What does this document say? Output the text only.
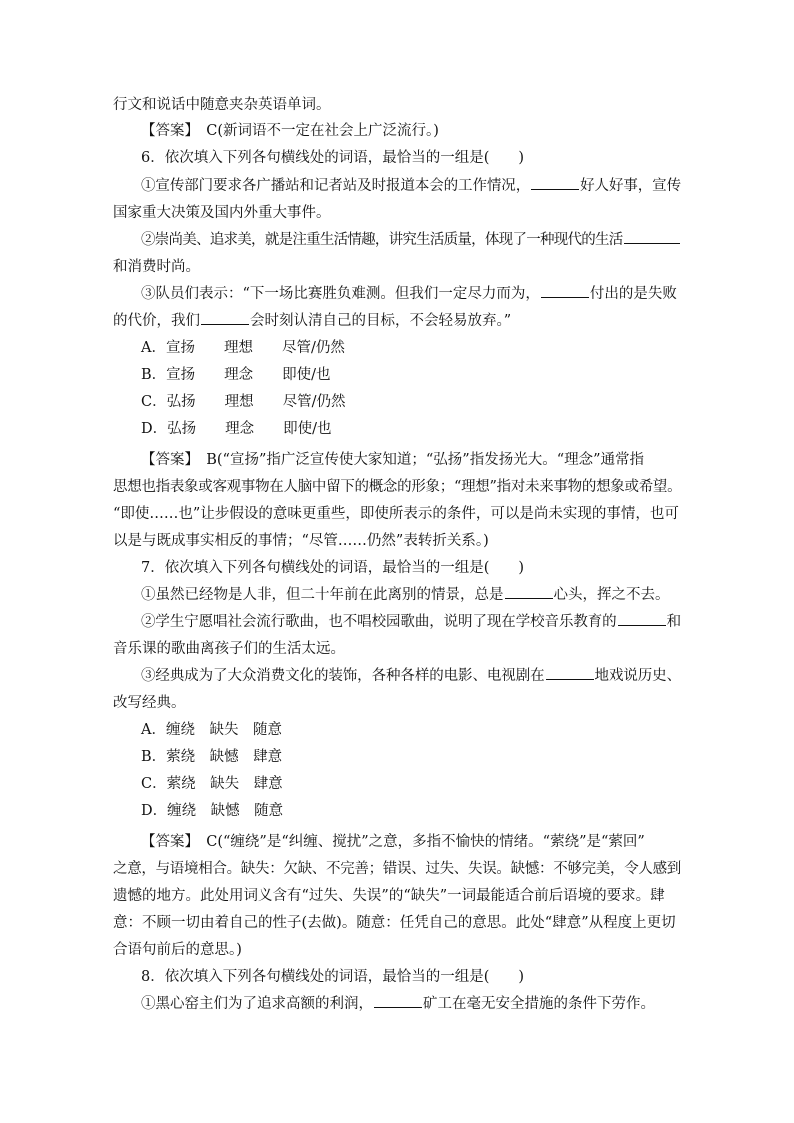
行文和说话中随意夹杂英语单词。
【答案】　C(新词语不一定在社会上广泛流行。)
6．依次填入下列各句横线处的词语，最恰当的一组是(　　)
①宣传部门要求各广播站和记者站及时报道本会的工作情况，	好人好事，宣传
国家重大决策及国内外重大事件。
②崇尚美、追求美，就是注重生活情趣，讲究生活质量，体现了一种现代的生活
和消费时尚。
③队员们表示：“下一场比赛胜负难测。但我们一定尽力而为，	付出的是失败
的代价，我们	会时刻认清自己的目标，不会轻易放弃。”
A．宣扬　　理想　　尽管/仍然
B．宣扬　　理念　　即使/也
C．弘扬　　理想　　尽管/仍然
D．弘扬　　理念　　即使/也
【答案】　B(“宣扬”指广泛宣传使大家知道；“弘扬”指发扬光大。“理念”通常指
思想也指表象或客观事物在人脑中留下的概念的形象；“理想”指对未来事物的想象或希望。
“即使……也”让步假设的意味更重些，即使所表示的条件，可以是尚未实现的事情，也可
以是与既成事实相反的事情；“尽管……仍然”表转折关系。)
7．依次填入下列各句横线处的词语，最恰当的一组是(　　)
①虽然已经物是人非，但二十年前在此离别的情景，总是	心头，挥之不去。
②学生宁愿唱社会流行歌曲，也不唱校园歌曲，说明了现在学校音乐教育的	和
音乐课的歌曲离孩子们的生活太远。
③经典成为了大众消费文化的装饰，各种各样的电影、电视剧在	地戏说历史、
改写经典。
A．缠绕　缺失　随意
B．萦绕　缺憾　肆意
C．萦绕　缺失　肆意
D．缠绕　缺憾　随意
【答案】　C(“缠绕”是“纠缠、搅扰”之意，多指不愉快的情绪。“萦绕”是“萦回”
之意，与语境相合。缺失：欠缺、不完善；错误、过失、失误。缺憾：不够完美，令人感到
遗憾的地方。此处用词义含有“过失、失误”的“缺失”一词最能适合前后语境的要求。肆
意：不顾一切由着自己的性子(去做)。随意：任凭自己的意思。此处“肆意”从程度上更切
合语句前后的意思。)
8．依次填入下列各句横线处的词语，最恰当的一组是(　　)
①黑心窑主们为了追求高额的利润，	矿工在毫无安全措施的条件下劳作。
